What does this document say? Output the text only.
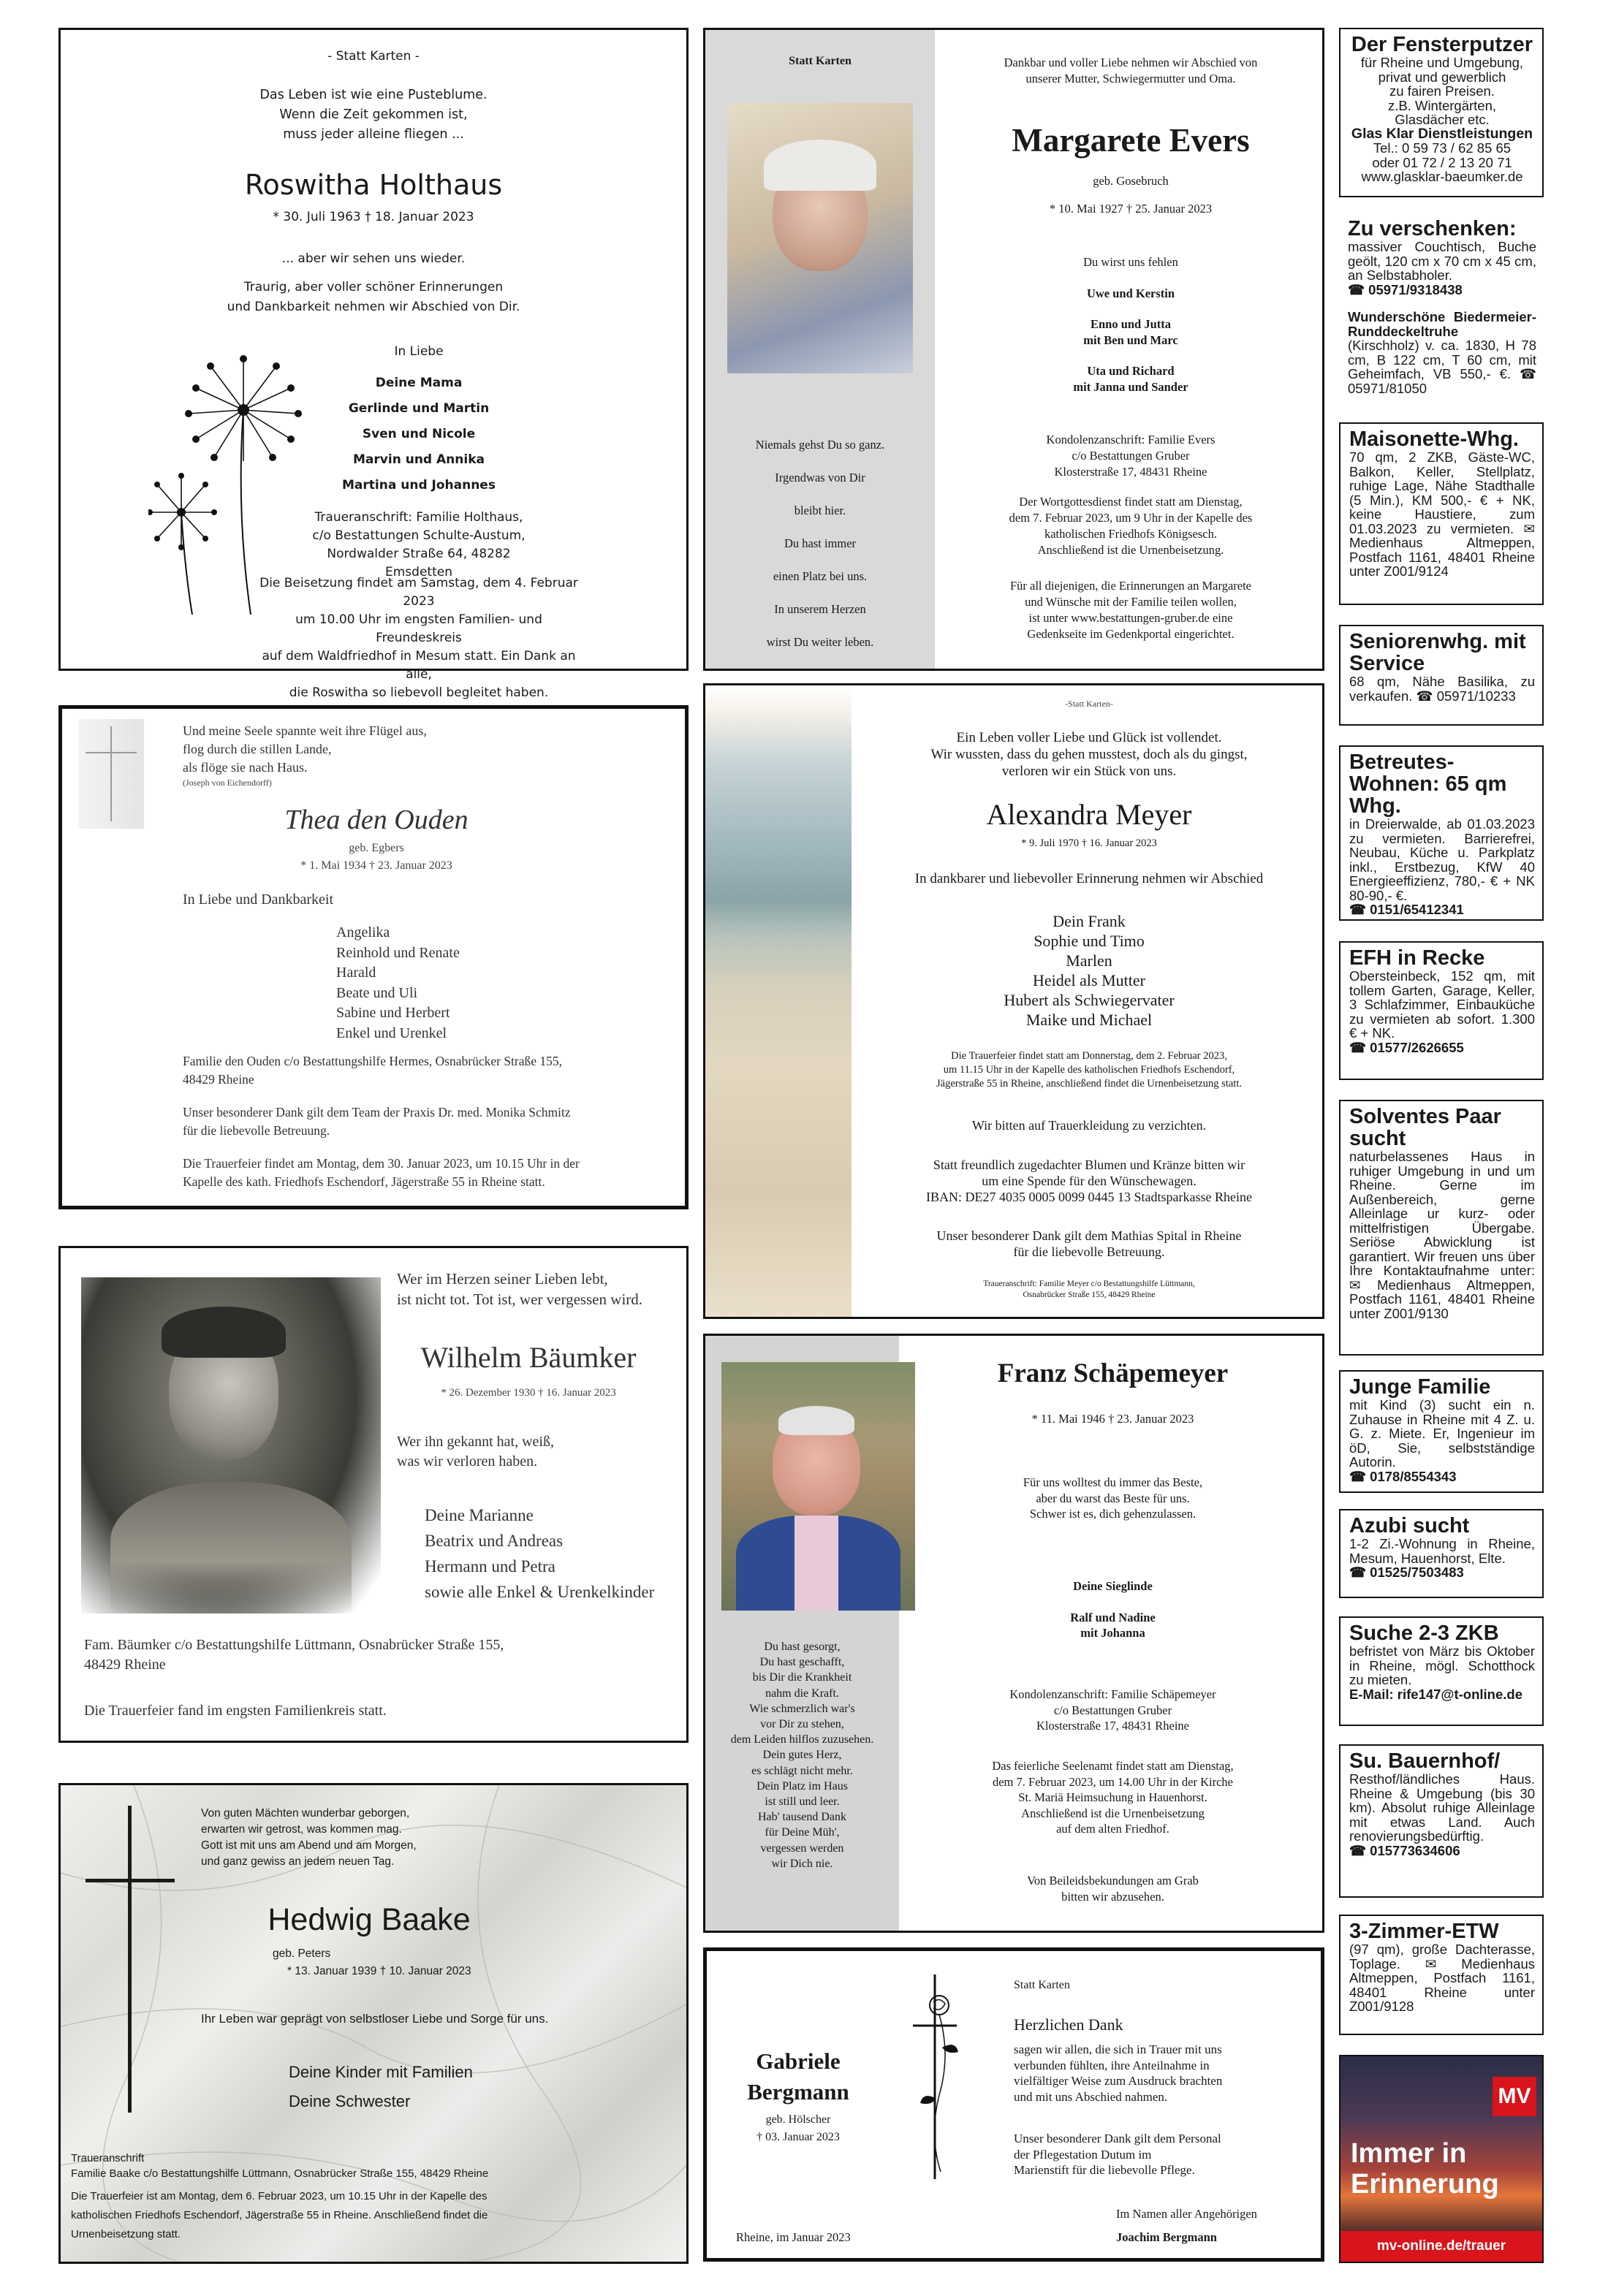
- Statt Karten -
Das Leben ist wie eine Pusteblume.
Wenn die Zeit gekommen ist,
muss jeder alleine fliegen ...
Roswitha Holthaus
* 30. Juli 1963 † 18. Januar 2023
... aber wir sehen uns wieder.
Traurig, aber voller schöner Erinnerungen
und Dankbarkeit nehmen wir Abschied von Dir.
In Liebe
Deine Mama
Gerlinde und Martin
Sven und Nicole
Marvin und Annika
Martina und Johannes
Traueranschrift: Familie Holthaus,
c/o Bestattungen Schulte-Austum,
Nordwalder Straße 64, 48282 Emsdetten
Die Beisetzung findet am Samstag, dem 4. Februar 2023
um 10.00 Uhr im engsten Familien- und Freundeskreis
auf dem Waldfriedhof in Mesum statt. Ein Dank an alle,
die Roswitha so liebevoll begleitet haben.
Statt Karten
Niemals gehst Du so ganz.
Irgendwas von Dir
bleibt hier.
Du hast immer
einen Platz bei uns.
In unserem Herzen
wirst Du weiter leben.
Dankbar und voller Liebe nehmen wir Abschied von
unserer Mutter, Schwiegermutter und Oma.
Margarete Evers
geb. Gosebruch
* 10. Mai 1927 † 25. Januar 2023
Du wirst uns fehlen
Uwe und Kerstin
Enno und Jutta
mit Ben und Marc
Uta und Richard
mit Janna und Sander
Kondolenzanschrift: Familie Evers
c/o Bestattungen Gruber
Klosterstraße 17, 48431 Rheine
Der Wortgottesdienst findet statt am Dienstag,
dem 7. Februar 2023, um 9 Uhr in der Kapelle des
katholischen Friedhofs Königsesch.
Anschließend ist die Urnenbeisetzung.
Für all diejenigen, die Erinnerungen an Margarete
und Wünsche mit der Familie teilen wollen,
ist unter www.bestattungen-gruber.de eine
Gedenkseite im Gedenkportal eingerichtet.
Und meine Seele spannte weit ihre Flügel aus,
flog durch die stillen Lande,
als flöge sie nach Haus.
(Joseph von Eichendorff)
Thea den Ouden
geb. Egbers
* 1. Mai 1934 † 23. Januar 2023
In Liebe und Dankbarkeit
Angelika
Reinhold und Renate
Harald
Beate und Uli
Sabine und Herbert
Enkel und Urenkel
Familie den Ouden c/o Bestattungshilfe Hermes, Osnabrücker Straße 155,
48429 Rheine
Unser besonderer Dank gilt dem Team der Praxis Dr. med. Monika Schmitz
für die liebevolle Betreuung.
Die Trauerfeier findet am Montag, dem 30. Januar 2023, um 10.15 Uhr in der
Kapelle des kath. Friedhofs Eschendorf, Jägerstraße 55 in Rheine statt.
-Statt Karten-
Ein Leben voller Liebe und Glück ist vollendet.
Wir wussten, dass du gehen musstest, doch als du gingst,
verloren wir ein Stück von uns.
Alexandra Meyer
* 9. Juli 1970 † 16. Januar 2023
In dankbarer und liebevoller Erinnerung nehmen wir Abschied
Dein Frank
Sophie und Timo
Marlen
Heidel als Mutter
Hubert als Schwiegervater
Maike und Michael
Die Trauerfeier findet statt am Donnerstag, dem 2. Februar 2023,
um 11.15 Uhr in der Kapelle des katholischen Friedhofs Eschendorf,
Jägerstraße 55 in Rheine, anschließend findet die Urnenbeisetzung statt.
Wir bitten auf Trauerkleidung zu verzichten.
Statt freundlich zugedachter Blumen und Kränze bitten wir
um eine Spende für den Wünschewagen.
IBAN: DE27 4035 0005 0099 0445 13 Stadtsparkasse Rheine
Unser besonderer Dank gilt dem Mathias Spital in Rheine
für die liebevolle Betreuung.
Traueranschrift: Familie Meyer c/o Bestattungshilfe Lüttmann,
Osnabrücker Straße 155, 48429 Rheine
Wer im Herzen seiner Lieben lebt,
ist nicht tot. Tot ist, wer vergessen wird.
Wilhelm Bäumker
* 26. Dezember 1930 † 16. Januar 2023
Wer ihn gekannt hat, weiß,
was wir verloren haben.
Deine Marianne
Beatrix und Andreas
Hermann und Petra
sowie alle Enkel & Urenkelkinder
Fam. Bäumker c/o Bestattungshilfe Lüttmann, Osnabrücker Straße 155,
48429 Rheine
Die Trauerfeier fand im engsten Familienkreis statt.
Du hast gesorgt,
Du hast geschafft,
bis Dir die Krankheit
nahm die Kraft.
Wie schmerzlich war's
vor Dir zu stehen,
dem Leiden hilflos zuzusehen.
Dein gutes Herz,
es schlägt nicht mehr.
Dein Platz im Haus
ist still und leer.
Hab' tausend Dank
für Deine Müh',
vergessen werden
wir Dich nie.
Franz Schäpemeyer
* 11. Mai 1946 † 23. Januar 2023
Für uns wolltest du immer das Beste,
aber du warst das Beste für uns.
Schwer ist es, dich gehenzulassen.
Deine Sieglinde
Ralf und Nadine
mit Johanna
Kondolenzanschrift: Familie Schäpemeyer
c/o Bestattungen Gruber
Klosterstraße 17, 48431 Rheine
Das feierliche Seelenamt findet statt am Dienstag,
dem 7. Februar 2023, um 14.00 Uhr in der Kirche
St. Mariä Heimsuchung in Hauenhorst.
Anschließend ist die Urnenbeisetzung
auf dem alten Friedhof.
Von Beileidsbekundungen am Grab
bitten wir abzusehen.
Von guten Mächten wunderbar geborgen,
erwarten wir getrost, was kommen mag.
Gott ist mit uns am Abend und am Morgen,
und ganz gewiss an jedem neuen Tag.
Hedwig Baake
geb. Peters
* 13. Januar 1939 † 10. Januar 2023
Ihr Leben war geprägt von selbstloser Liebe und Sorge für uns.
Deine Kinder mit Familien
Deine Schwester
Traueranschrift
Familie Baake c/o Bestattungshilfe Lüttmann, Osnabrücker Straße 155, 48429 Rheine
Die Trauerfeier ist am Montag, dem 6. Februar 2023, um 10.15 Uhr in der Kapelle des
katholischen Friedhofs Eschendorf, Jägerstraße 55 in Rheine. Anschließend findet die
Urnenbeisetzung statt.
Gabriele
Bergmann
geb. Hölscher
† 03. Januar 2023
Statt Karten
Herzlichen Dank
sagen wir allen, die sich in Trauer mit uns
verbunden fühlten, ihre Anteilnahme in
vielfältiger Weise zum Ausdruck brachten
und mit uns Abschied nahmen.
Unser besonderer Dank gilt dem Personal
der Pflegestation Dutum im
Marienstift für die liebevolle Pflege.
Rheine, im Januar 2023
Im Namen aller Angehörigen
Joachim Bergmann
Der Fensterputzer
für Rheine und Umgebung,
privat und gewerblich
zu fairen Preisen.
z.B. Wintergärten,
Glasdächer etc.
Glas Klar Dienstleistungen
Tel.: 0 59 73 / 62 85 65
oder 01 72 / 2 13 20 71
www.glasklar-baeumker.de
Zu verschenken:
massiver Couchtisch, Buche geölt, 120 cm x 70 cm x 45 cm, an Selbstabholer.
☎ 05971/9318438
Wunderschöne Biedermeier-Runddeckeltruhe
(Kirschholz) v. ca. 1830, H 78 cm, B 122 cm, T 60 cm, mit Geheimfach, VB 550,- €. ☎ 05971/81050
Maisonette-Whg.
70 qm, 2 ZKB, Gäste-WC, Balkon, Keller, Stellplatz, ruhige Lage, Nähe Stadthalle (5 Min.), KM 500,- € + NK, keine Haustiere, zum 01.03.2023 zu vermieten. ✉ Medienhaus Altmeppen, Postfach 1161, 48401 Rheine unter Z001/9124
Seniorenwhg. mit Service
68 qm, Nähe Basilika, zu verkaufen. ☎ 05971/10233
Betreutes-Wohnen: 65 qm Whg.
in Dreierwalde, ab 01.03.2023 zu vermieten. Barrierefrei, Neubau, Küche u. Parkplatz inkl., Erstbezug, KfW 40 Energieeffizienz, 780,- € + NK 80-90,- €.
☎ 0151/65412341
EFH in Recke
Obersteinbeck, 152 qm, mit tollem Garten, Garage, Keller, 3 Schlafzimmer, Einbauküche zu vermieten ab sofort. 1.300 € + NK.
☎ 01577/2626655
Solventes Paar sucht
naturbelassenes Haus in ruhiger Umgebung in und um Rheine. Gerne im Außenbereich, gerne Alleinlage ur kurz- oder mittelfristigen Übergabe. Seriöse Abwicklung ist garantiert. Wir freuen uns über Ihre Kontaktaufnahme unter: ✉ Medienhaus Altmeppen, Postfach 1161, 48401 Rheine unter Z001/9130
Junge Familie
mit Kind (3) sucht ein n. Zuhause in Rheine mit 4 Z. u. G. z. Miete. Er, Ingenieur im öD, Sie, selbstständige Autorin.
☎ 0178/8554343
Azubi sucht
1-2 Zi.-Wohnung in Rheine, Mesum, Hauenhorst, Elte.
☎ 01525/7503483
Suche 2-3 ZKB
befristet von März bis Oktober in Rheine, mögl. Schotthock zu mieten.
E-Mail: rife147@t-online.de
Su. Bauernhof/
Resthof/ländliches Haus. Rheine & Umgebung (bis 30 km). Absolut ruhige Alleinlage mit etwas Land. Auch renovierungsbedürftig.
☎ 015773634606
3-Zimmer-ETW
(97 qm), große Dachterasse, Toplage. ✉ Medienhaus Altmeppen, Postfach 1161, 48401 Rheine unter Z001/9128
MV
Immer in
Erinnerung
mv-online.de/trauer
